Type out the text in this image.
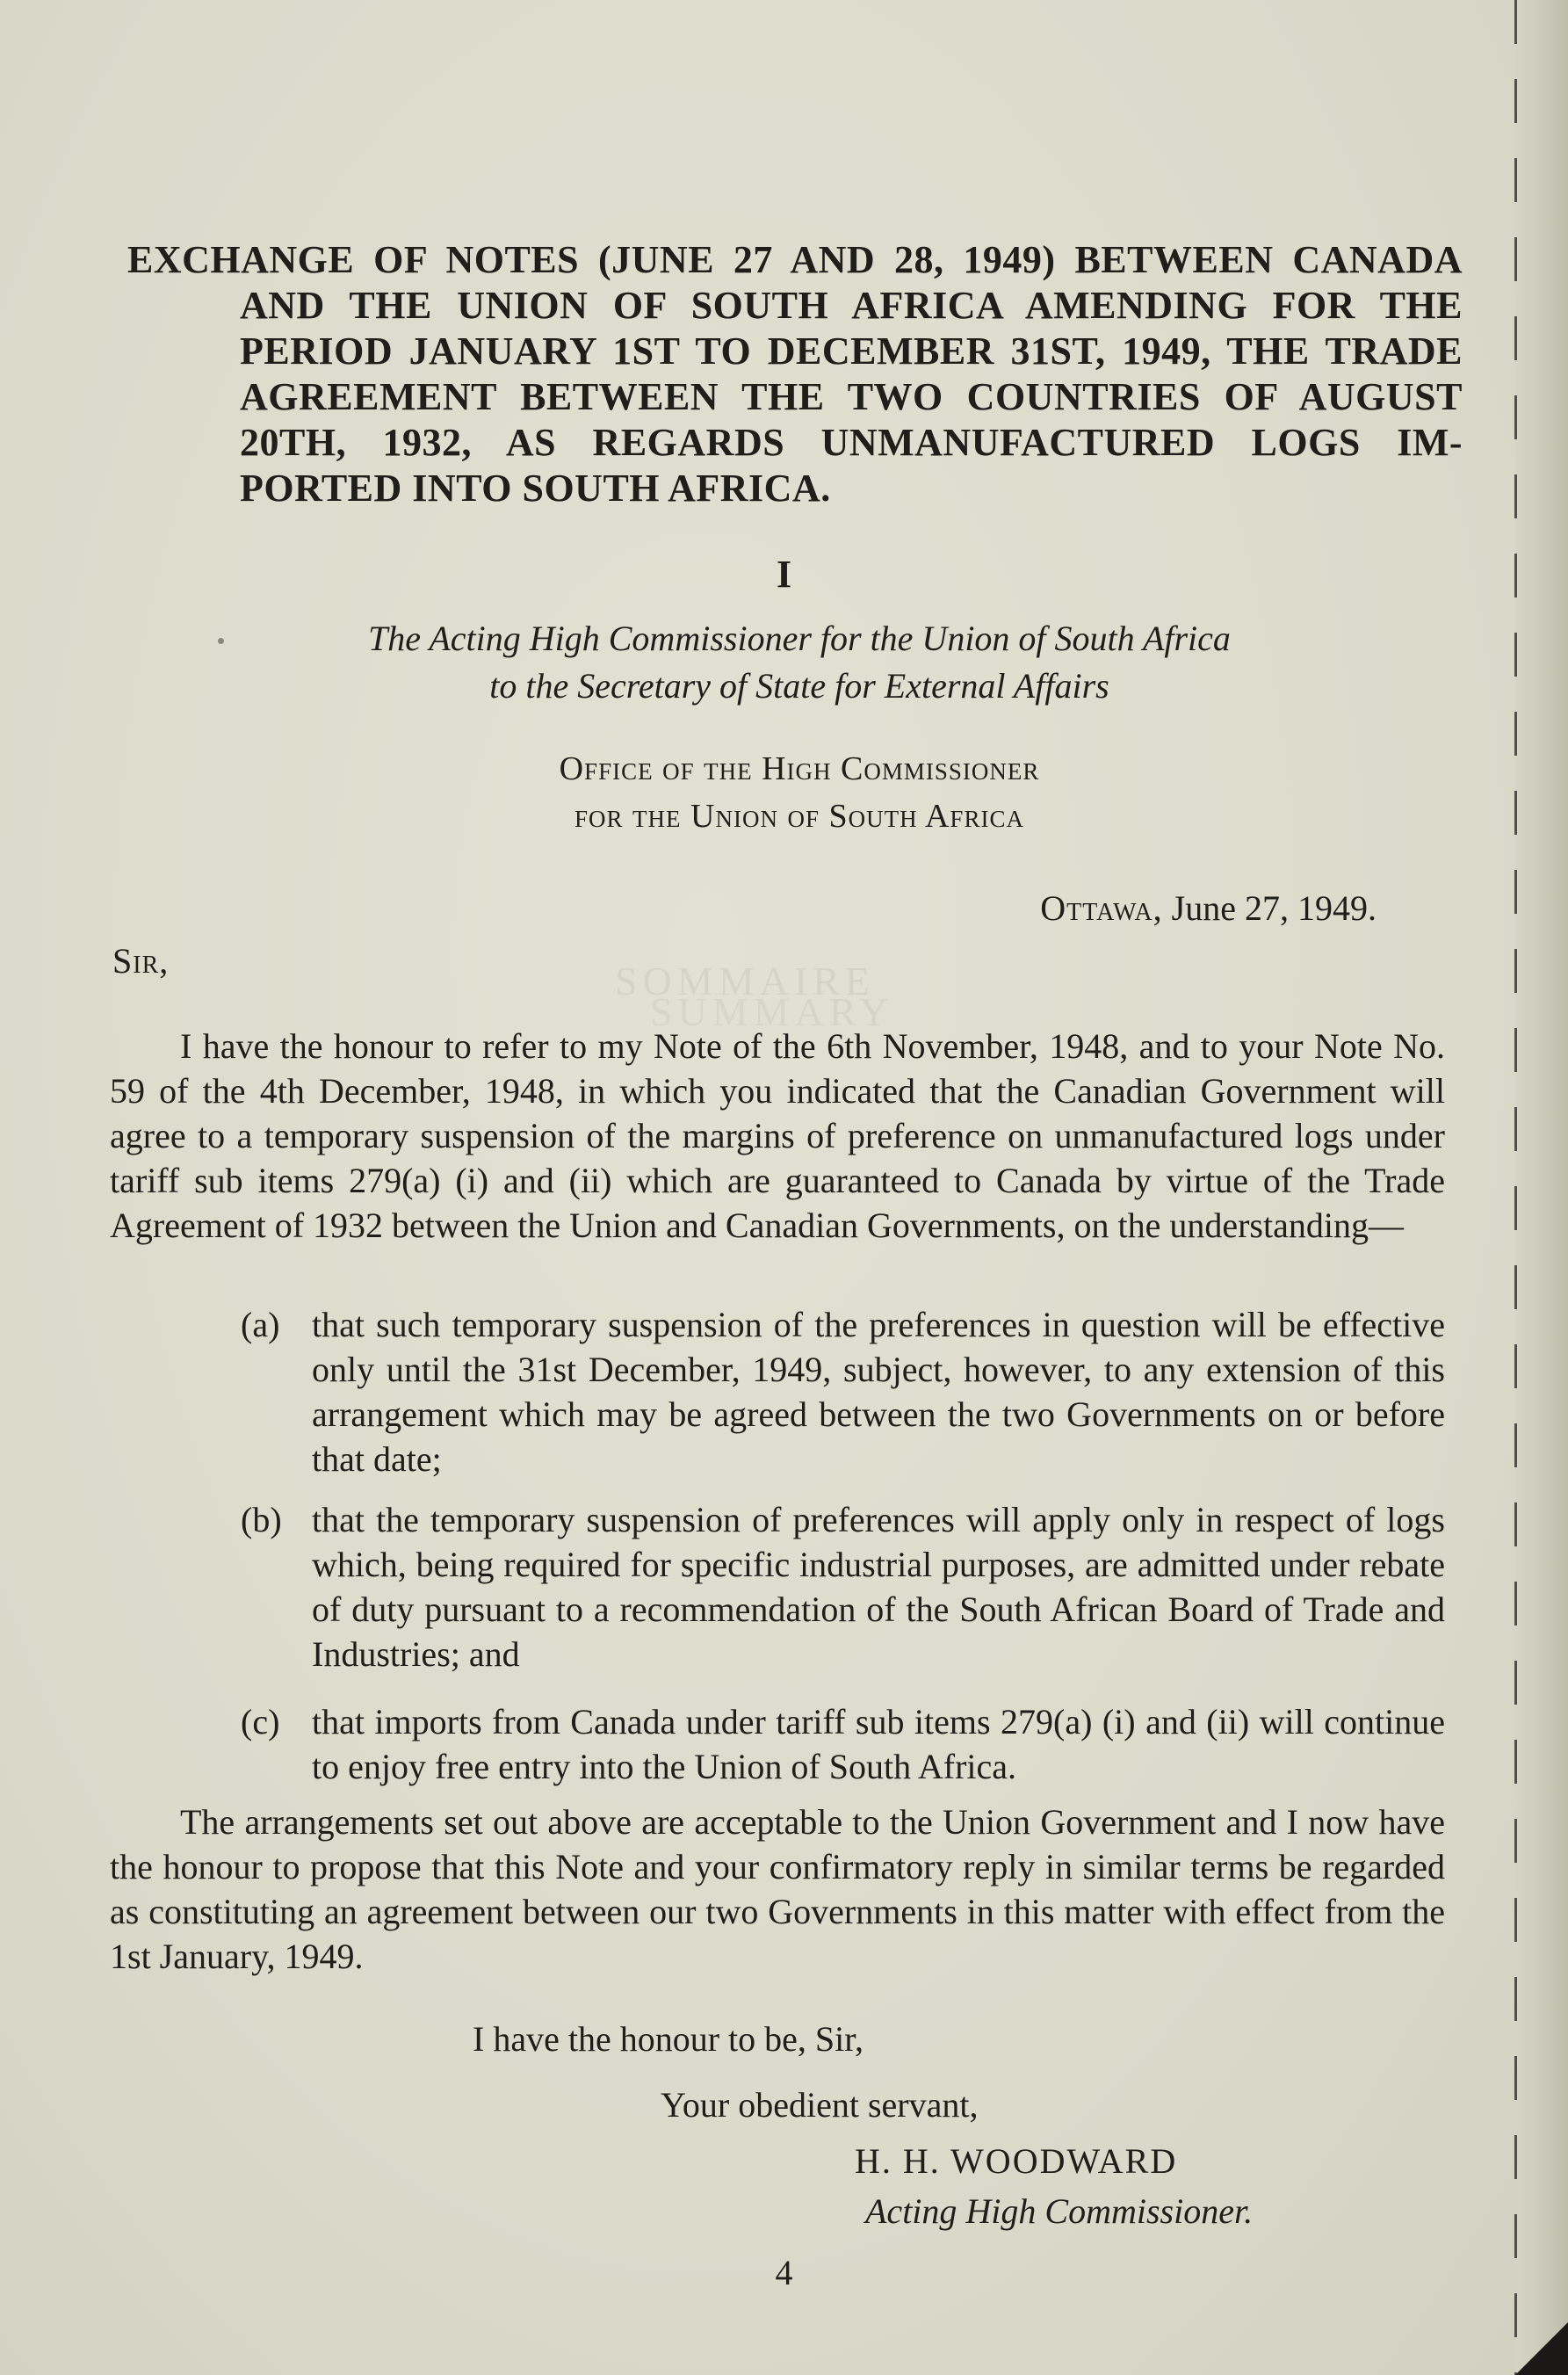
SOMMAIRE
SUMMARY
EXCHANGE OF NOTES (JUNE 27 AND 28, 1949) BETWEEN CANADA
AND THE UNION OF SOUTH AFRICA AMENDING FOR THE
PERIOD JANUARY 1ST TO DECEMBER 31ST, 1949, THE TRADE
AGREEMENT BETWEEN THE TWO COUNTRIES OF AUGUST
20TH, 1932, AS REGARDS UNMANUFACTURED LOGS IM-
PORTED INTO SOUTH AFRICA.
I
The Acting High Commissioner for the Union of South Africa
to the Secretary of State for External Affairs
Office of the High Commissioner
for the Union of South Africa
Ottawa, June 27, 1949.
Sir,

I have the honour to refer to my Note of the 6th November, 1948, and to your Note No. 59 of the 4th December, 1948, in which you indicated that the Canadian Government will agree to a temporary suspension of the margins of preference on unmanufactured logs under tariff sub items 279(a) (i) and (ii) which are guaranteed to Canada by virtue of the Trade Agreement of 1932 between the Union and Canadian Governments, on the understanding—

(a) that such temporary suspension of the preferences in question will be effective only until the 31st December, 1949, subject, however, to any extension of this arrangement which may be agreed between the two Governments on or before that date;

(b) that the temporary suspension of preferences will apply only in respect of logs which, being required for specific industrial purposes, are admitted under rebate of duty pursuant to a recommendation of the South African Board of Trade and Industries; and

(c) that imports from Canada under tariff sub items 279(a) (i) and (ii) will continue to enjoy free entry into the Union of South Africa.

The arrangements set out above are acceptable to the Union Government and I now have the honour to propose that this Note and your confirmatory reply in similar terms be regarded as constituting an agreement between our two Governments in this matter with effect from the 1st January, 1949.

I have the honour to be, Sir,
Your obedient servant,
H. H. WOODWARD
Acting High Commissioner.
4
